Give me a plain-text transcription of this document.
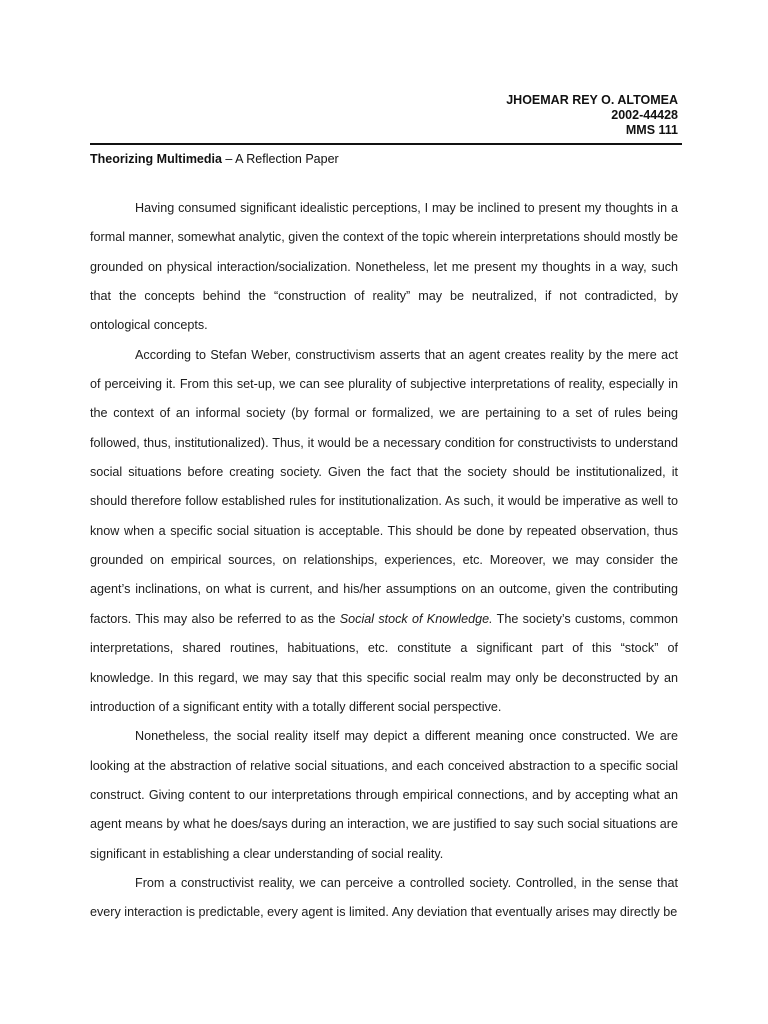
JHOEMAR REY O. ALTOMEA
2002-44428
MMS 111
Theorizing Multimedia – A Reflection Paper

Having consumed significant idealistic perceptions, I may be inclined to present my thoughts in a formal manner, somewhat analytic, given the context of the topic wherein interpretations should mostly be grounded on physical interaction/socialization. Nonetheless, let me present my thoughts in a way, such that the concepts behind the “construction of reality” may be neutralized, if not contradicted, by ontological concepts.

According to Stefan Weber, constructivism asserts that an agent creates reality by the mere act of perceiving it. From this set-up, we can see plurality of subjective interpretations of reality, especially in the context of an informal society (by formal or formalized, we are pertaining to a set of rules being followed, thus, institutionalized). Thus, it would be a necessary condition for constructivists to understand social situations before creating society. Given the fact that the society should be institutionalized, it should therefore follow established rules for institutionalization. As such, it would be imperative as well to know when a specific social situation is acceptable. This should be done by repeated observation, thus grounded on empirical sources, on relationships, experiences, etc. Moreover, we may consider the agent’s inclinations, on what is current, and his/her assumptions on an outcome, given the contributing factors. This may also be referred to as the Social stock of Knowledge. The society’s customs, common interpretations, shared routines, habituations, etc. constitute a significant part of this “stock” of knowledge. In this regard, we may say that this specific social realm may only be deconstructed by an introduction of a significant entity with a totally different social perspective.

Nonetheless, the social reality itself may depict a different meaning once constructed. We are looking at the abstraction of relative social situations, and each conceived abstraction to a specific social construct. Giving content to our interpretations through empirical connections, and by accepting what an agent means by what he does/says during an interaction, we are justified to say such social situations are significant in establishing a clear understanding of social reality.

From a constructivist reality, we can perceive a controlled society. Controlled, in the sense that every interaction is predictable, every agent is limited. Any deviation that eventually arises may directly be
